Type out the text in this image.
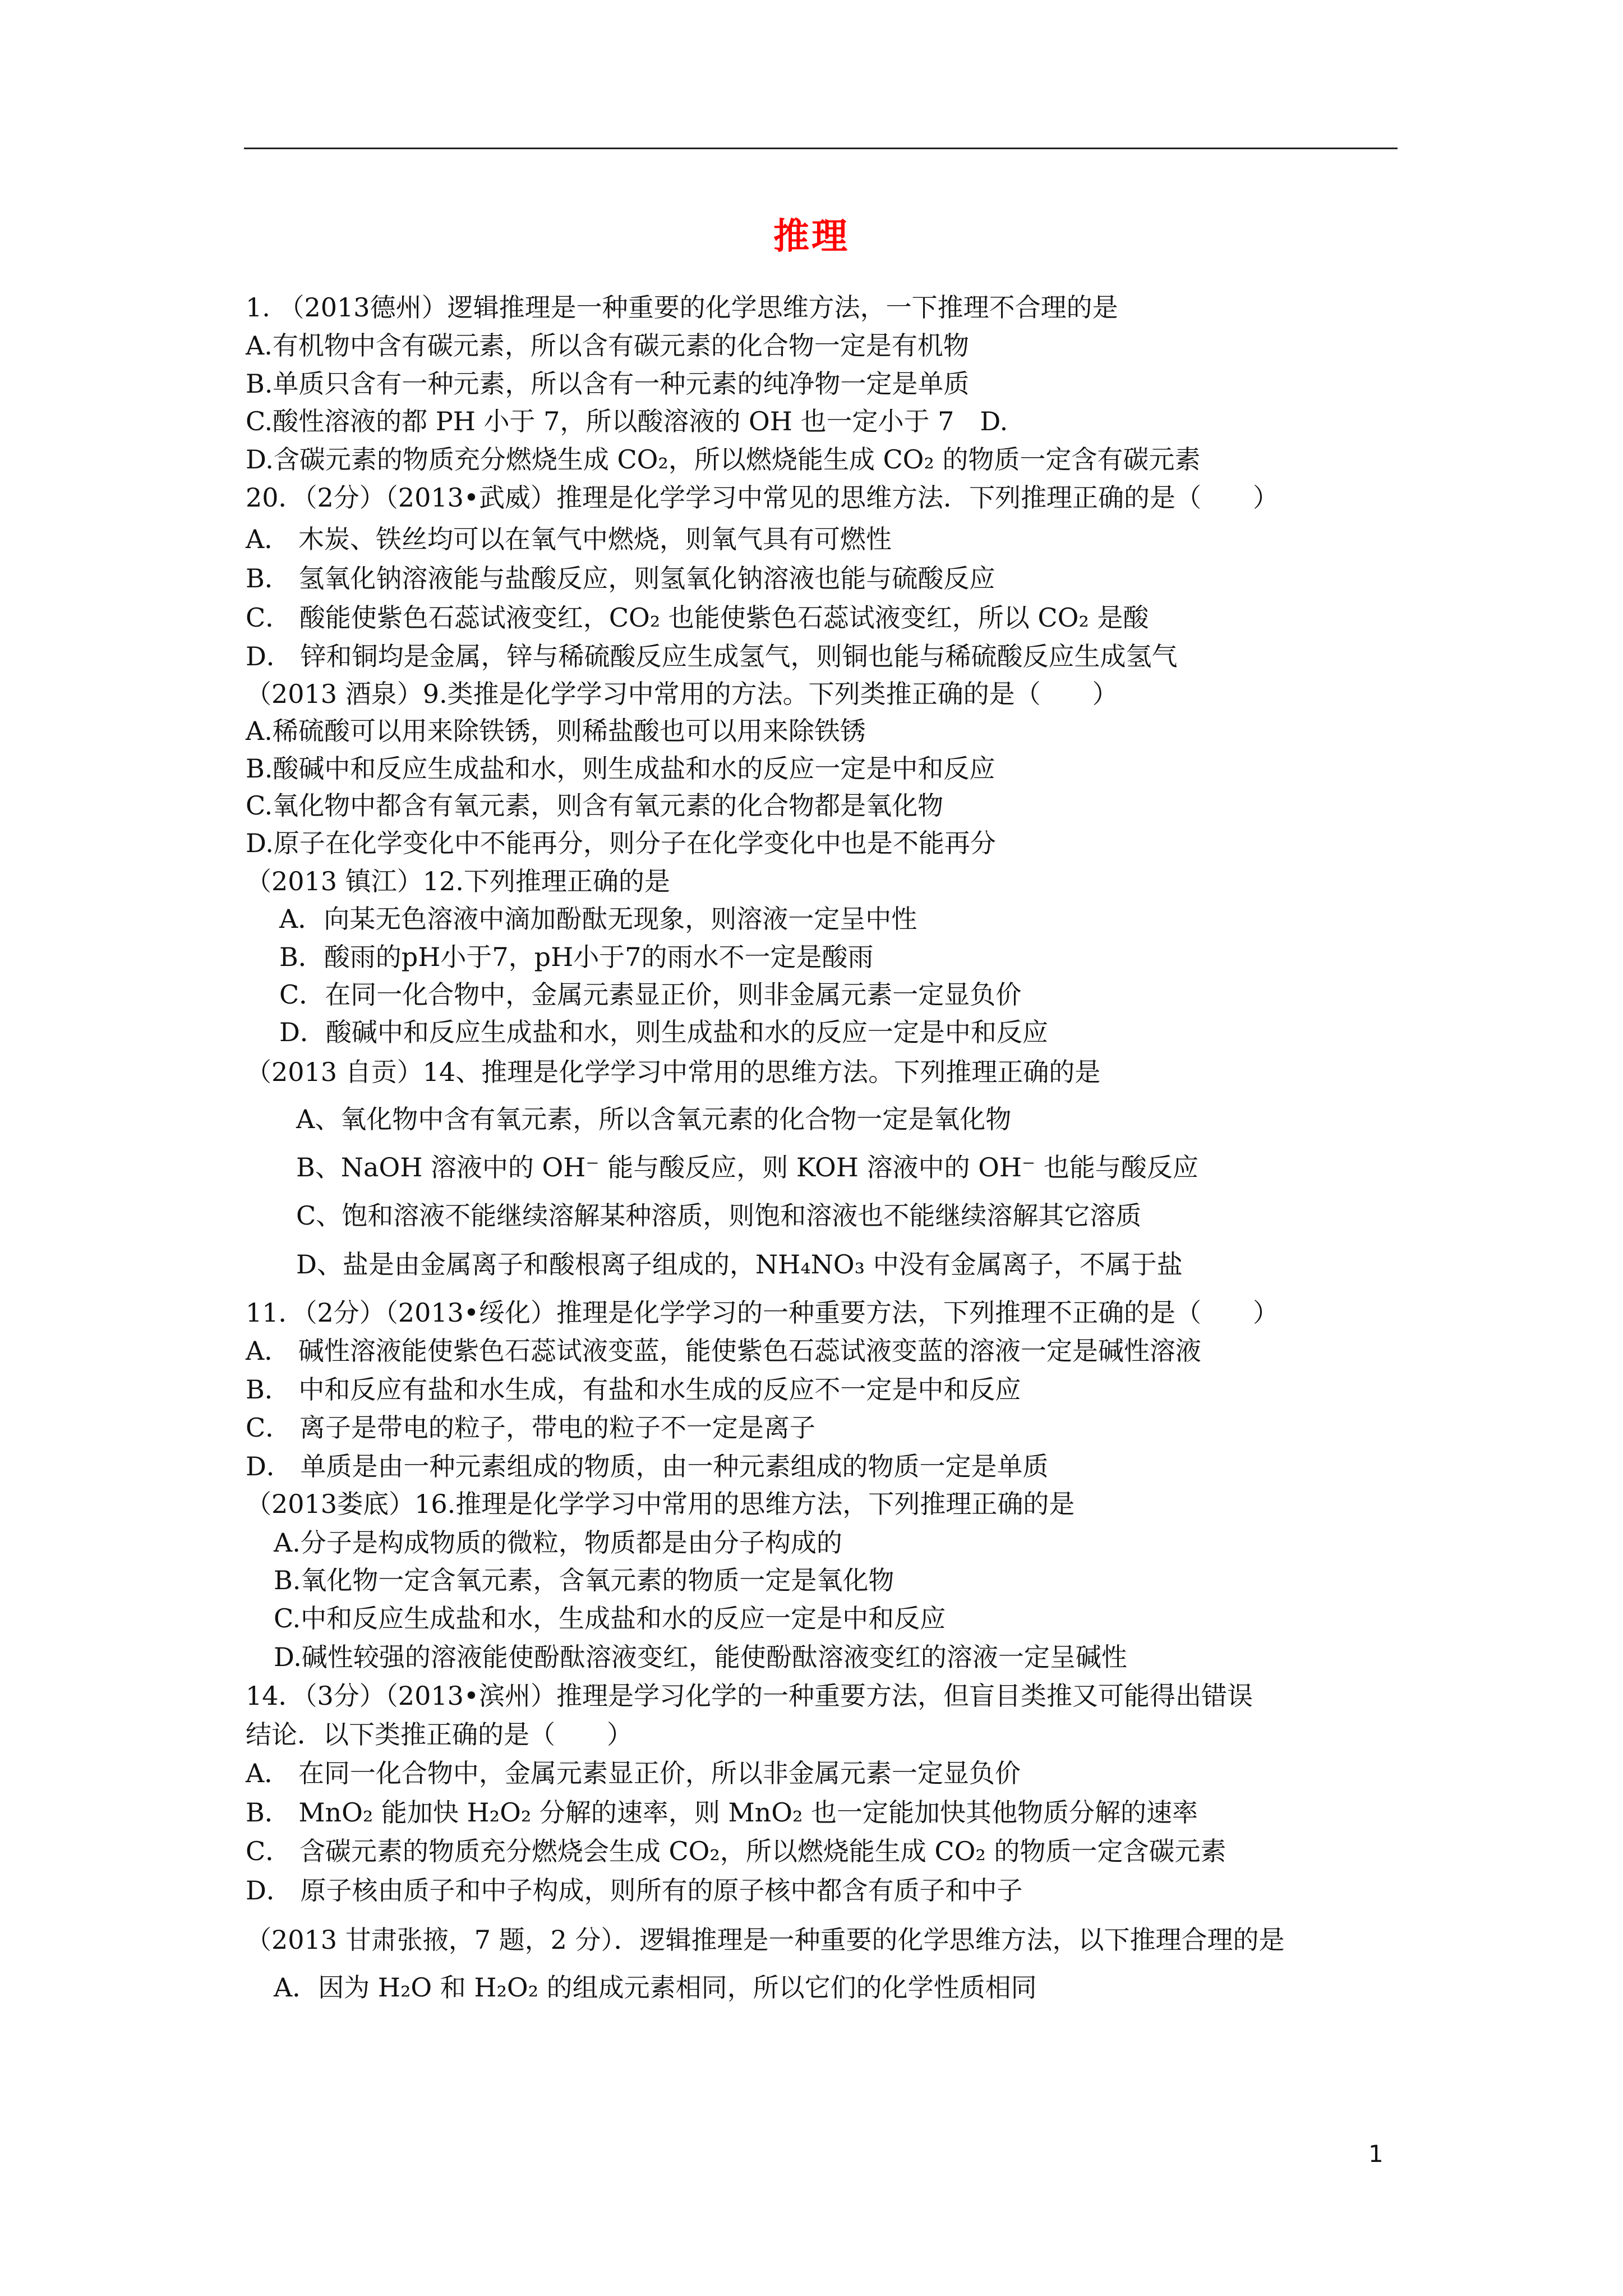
推理
1. （2013德州）逻辑推理是一种重要的化学思维方法，一下推理不合理的是
A.有机物中含有碳元素，所以含有碳元素的化合物一定是有机物
B.单质只含有一种元素，所以含有一种元素的纯净物一定是单质
C.酸性溶液的都 PH 小于 7，所以酸溶液的 OH 也一定小于 7　D.
D.含碳元素的物质充分燃烧生成 CO₂，所以燃烧能生成 CO₂ 的物质一定含有碳元素
20．（2分）（2013•武威）推理是化学学习中常见的思维方法．下列推理正确的是（　　）
A． 木炭、铁丝均可以在氧气中燃烧，则氧气具有可燃性
B． 氢氧化钠溶液能与盐酸反应，则氢氧化钠溶液也能与硫酸反应
C． 酸能使紫色石蕊试液变红，CO₂ 也能使紫色石蕊试液变红，所以 CO₂ 是酸
D． 锌和铜均是金属，锌与稀硫酸反应生成氢气，则铜也能与稀硫酸反应生成氢气
（2013 酒泉）9.类推是化学学习中常用的方法。下列类推正确的是（　　）
A.稀硫酸可以用来除铁锈，则稀盐酸也可以用来除铁锈
B.酸碱中和反应生成盐和水，则生成盐和水的反应一定是中和反应
C.氧化物中都含有氧元素，则含有氧元素的化合物都是氧化物
D.原子在化学变化中不能再分，则分子在化学变化中也是不能再分
（2013 镇江）12.下列推理正确的是
A．向某无色溶液中滴加酚酞无现象，则溶液一定呈中性
B．酸雨的pH小于7，pH小于7的雨水不一定是酸雨
C．在同一化合物中，金属元素显正价，则非金属元素一定显负价
D．酸碱中和反应生成盐和水，则生成盐和水的反应一定是中和反应
（2013 自贡）14、推理是化学学习中常用的思维方法。下列推理正确的是
A、氧化物中含有氧元素，所以含氧元素的化合物一定是氧化物
B、NaOH 溶液中的 OH⁻ 能与酸反应，则 KOH 溶液中的 OH⁻ 也能与酸反应
C、饱和溶液不能继续溶解某种溶质，则饱和溶液也不能继续溶解其它溶质
D、盐是由金属离子和酸根离子组成的，NH₄NO₃ 中没有金属离子，不属于盐
11．（2分）（2013•绥化）推理是化学学习的一种重要方法，下列推理不正确的是（　　）
A． 碱性溶液能使紫色石蕊试液变蓝，能使紫色石蕊试液变蓝的溶液一定是碱性溶液
B． 中和反应有盐和水生成，有盐和水生成的反应不一定是中和反应
C． 离子是带电的粒子，带电的粒子不一定是离子
D． 单质是由一种元素组成的物质，由一种元素组成的物质一定是单质
（2013娄底）16.推理是化学学习中常用的思维方法，下列推理正确的是
A.分子是构成物质的微粒，物质都是由分子构成的
B.氧化物一定含氧元素，含氧元素的物质一定是氧化物
C.中和反应生成盐和水，生成盐和水的反应一定是中和反应
D.碱性较强的溶液能使酚酞溶液变红，能使酚酞溶液变红的溶液一定呈碱性
14．（3分）（2013•滨州）推理是学习化学的一种重要方法，但盲目类推又可能得出错误
结论．以下类推正确的是（　　）
A． 在同一化合物中，金属元素显正价，所以非金属元素一定显负价
B． MnO₂ 能加快 H₂O₂ 分解的速率，则 MnO₂ 也一定能加快其他物质分解的速率
C． 含碳元素的物质充分燃烧会生成 CO₂，所以燃烧能生成 CO₂ 的物质一定含碳元素
D． 原子核由质子和中子构成，则所有的原子核中都含有质子和中子
（2013 甘肃张掖，7 题，2 分）．逻辑推理是一种重要的化学思维方法，以下推理合理的是
A．因为 H₂O 和 H₂O₂ 的组成元素相同，所以它们的化学性质相同
1
